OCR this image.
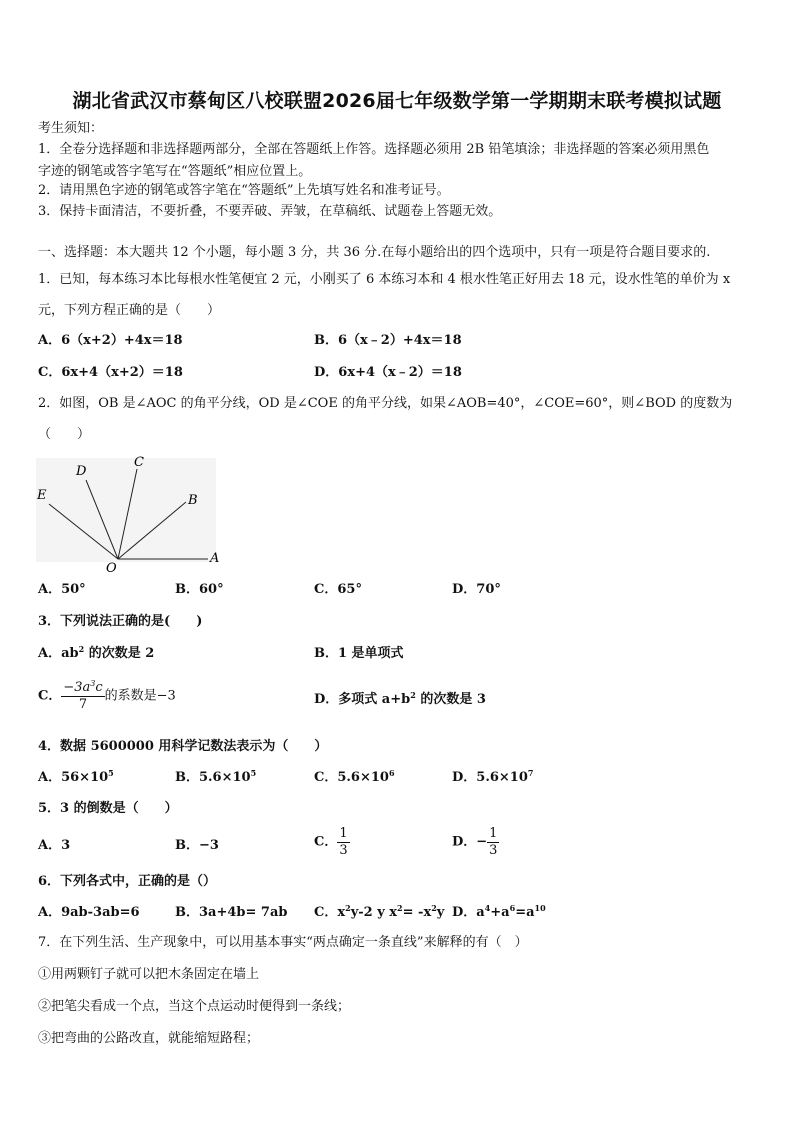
湖北省武汉市蔡甸区八校联盟2026届七年级数学第一学期期末联考模拟试题
考生须知：
1．全卷分选择题和非选择题两部分，全部在答题纸上作答。选择题必须用 2B 铅笔填涂；非选择题的答案必须用黑色
字迹的钢笔或答字笔写在“答题纸”相应位置上。
2．请用黑色字迹的钢笔或答字笔在“答题纸”上先填写姓名和准考证号。
3．保持卡面清洁，不要折叠，不要弄破、弄皱，在草稿纸、试题卷上答题无效。
一、选择题：本大题共 12 个小题，每小题 3 分，共 36 分.在每小题给出的四个选项中，只有一项是符合题目要求的.
1．已知，每本练习本比每根水性笔便宜 2 元，小刚买了 6 本练习本和 4 根水性笔正好用去 18 元，设水性笔的单价为 x
元，下列方程正确的是（　　）
A．6（x+2）+4x＝18	B．6（x﹣2）+4x＝18
C．6x+4（x+2）＝18	D．6x+4（x﹣2）＝18
2．如图，OB 是∠AOC 的角平分线，OD 是∠COE 的角平分线，如果∠AOB=40°，∠COE=60°，则∠BOD 的度数为
（　　）
A
B
C
D
E
O
A．50°	B．60°	C．65°	D．70°
3．下列说法正确的是(　　)
A．$ab^2$ 的次数是 2	B．1 是单项式
C． $\frac{-3a^3c}{7}$ 的系数是−3	D．多项式 $a+b^2$ 的次数是 3
4．数据 5600000 用科学记数法表示为（　　）
A．$56\times 10^5$	B．$5.6\times 10^5$	C．$5.6\times 10^6$	D．$5.6\times 10^7$
5．3 的倒数是（　　）
A．3	B．−3	C． $\frac{1}{3}$	D．− $\frac{1}{3}$
6．下列各式中，正确的是（）
A．9ab-3ab=6	B．3a+4b= 7ab C．$x^2y-2$ y $x^2= -x^2y$ D．$a^4+a^6=a^{10}$
7．在下列生活、生产现象中，可以用基本事实“两点确定一条直线”来解释的有（　）
①用两颗钉子就可以把木条固定在墙上
②把笔尖看成一个点，当这个点运动时便得到一条线；
③把弯曲的公路改直，就能缩短路程；
